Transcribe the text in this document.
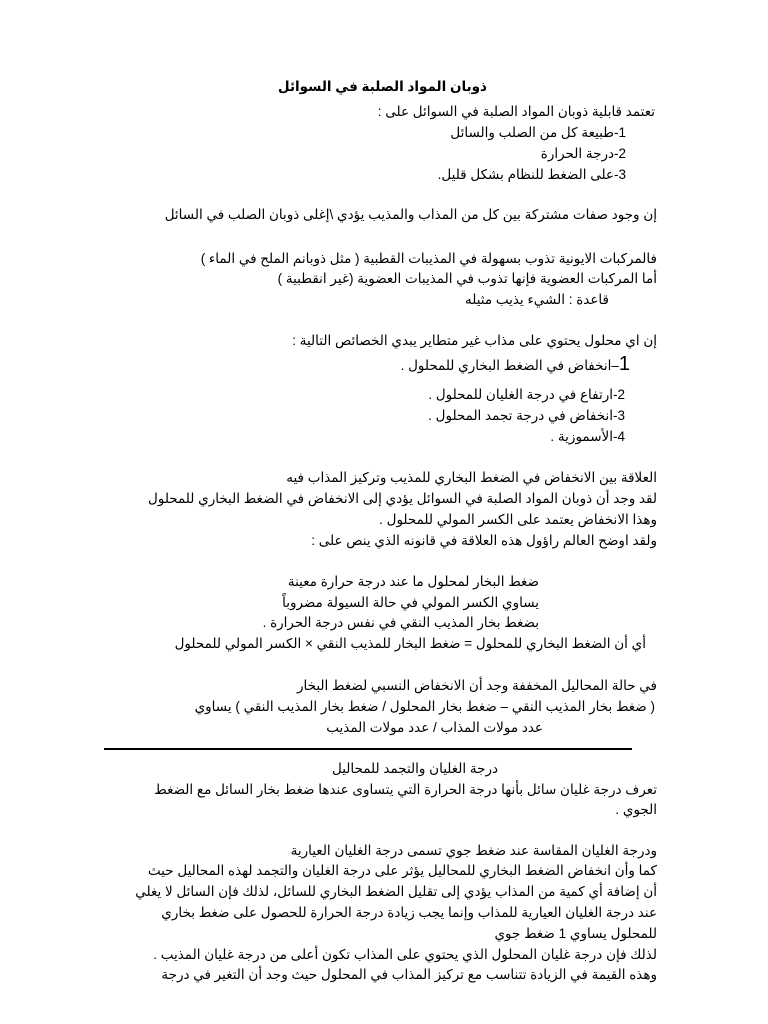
ذوبان المواد الصلبة في السوائل
تعتمد قابلية ذوبان المواد الصلبة في السوائل على :
1-طبيعة كل من الصلب والسائل
2-درجة الحرارة
3-على الضغط للنظام بشكل قليل.
إن وجود صفات مشتركة بين كل من المذاب والمذيب يؤدي \إغلى ذوبان الصلب في السائل
فالمركبات الايونية تذوب بسهولة في المذيبات القطبية ( مثل ذوبانم الملح في الماء )
أما المركبات العضوية فإنها تذوب في المذيبات العضوية (غير انقطبية )
قاعدة : الشيء يذيب مثيله
إن اي محلول يحتوي على مذاب غير متطاير يبدي الخصائص التالية :
1–انخفاض في الضغط البخاري للمحلول .
2-ارتفاع في درجة الغليان للمحلول .
3-انخفاض في درجة تجمد المحلول .
4-الأسموزية .
العلاقة بين الانخفاض في الضغط البخاري للمذيب وتركيز المذاب فيه
لقد وجد أن ذوبان المواد الصلبة في السوائل يؤدي إلى الانخفاض في الضغط البخاري للمحلول
وهذا الانخفاض يعتمد على الكسر المولي للمحلول .
ولقد اوضح العالم راؤول هذه العلاقة في قانونه الذي ينص على :
ضغط البخار لمحلول ما عند درجة حرارة معينة
يساوي الكسر المولي في حالة السيولة مضروباً
بضغط بخار المذيب النقي في نفس درجة الحرارة .
أي أن الضغط البخاري للمحلول = ضغط البخار للمذيب النقي × الكسر المولي للمحلول
في حالة المحاليل المخففة وجد أن الانخفاض النسبي لضغط البخار
( ضغط بخار المذيب النقي – ضغط بخار المحلول / ضغط بخار المذيب النقي ) يساوي
عدد مولات المذاب / عدد مولات المذيب
درجة الغليان والتجمد للمحاليل
تعرف درجة غليان سائل بأنها درجة الحرارة التي يتساوى عندها ضغط بخار السائل مع الضغط
الجوي .
ودرجة الغليان المقاسة عند ضغط جوي تسمى درجة الغليان العيارية
كما وأن انخفاض الضغط البخاري للمحاليل يؤثر على درجة الغليان والتجمد لهذه المحاليل حيث
أن إضافة أي كمية من المذاب يؤدي إلى تقليل الضغط البخاري للسائل، لذلك فإن السائل لا يغلي
عند درجة الغليان العيارية للمذاب وإنما يجب زيادة درجة الحرارة للحصول على ضغط بخاري
للمحلول يساوي 1 ضغط جوي
لذلك فإن درجة غليان المحلول الذي يحتوي على المذاب تكون أعلى من درجة غليان المذيب .
وهذه القيمة في الزيادة تتناسب مع تركيز المذاب في المحلول حيث وجد أن التغير في درجة
